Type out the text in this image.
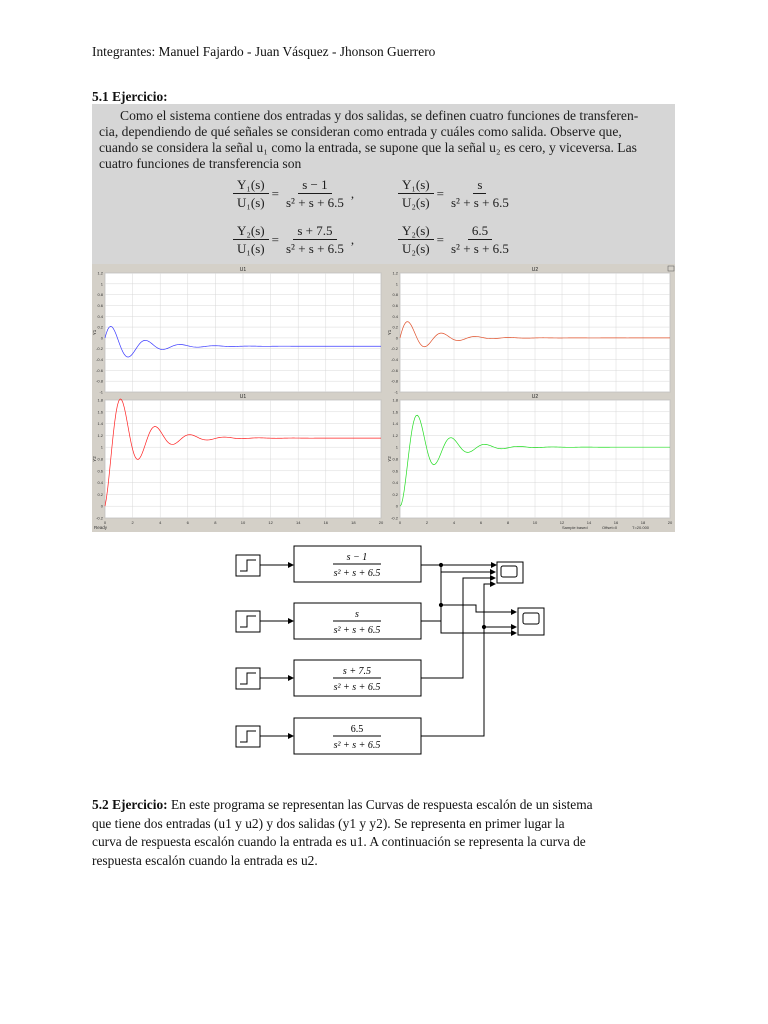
Integrantes: Manuel Fajardo - Juan Vásquez - Jhonson Guerrero
5.1 Ejercicio:
Como el sistema contiene dos entradas y dos salidas, se definen cuatro funciones de transferen-
cia, dependiendo de qué señales se consideran como entrada y cuáles como salida. Observe que,
cuando se considera la señal u₁ como la entrada, se supone que la señal u₂ es cero, y viceversa. Las
cuatro funciones de transferencia son
$\frac{\text{Y₁(s)}}{\text{U₁(s)}} = \frac{s - 1}{\text{s² + s + 6.5}}$ ,	$\frac{\text{Y₁(s)}}{\text{U₂(s)}} = \frac{s}{\text{s² + s + 6.5}}$
$\frac{\text{Y₂(s)}}{\text{U₁(s)}} = \frac{s + 7.5}{\text{s² + s + 6.5}}$ ,	$\frac{\text{Y₂(s)}}{\text{U₂(s)}} = \frac{6.5}{\text{s² + s + 6.5}}$
1.2
1
0.8
0.6
0.4
0.2
0
-0.2
-0.4
-0.6
-0.8
-1
U1
Y1
1.2
1
0.8
0.6
0.4
0.2
0
-0.2
-0.4
-0.6
-0.8
-1
U2
Y1
1.8
1.6
1.4
1.2
1
0.8
0.6
0.4
0.2
0
-0.2
0	2	4	6	8	10	12	14	16	18	20
U1
Y2
1.8
1.6
1.4
1.2
1
0.8
0.6
0.4
0.2
0
-0.2
0	2	4	6	8	10	12	14	16	18	20
U2
Y2
Ready	Sample based	Offset=0	T=20.000
s − 1
s² + s + 6.5
s
s² + s + 6.5
s + 7.5
s² + s + 6.5
6.5
s² + s + 6.5
5.2 Ejercicio: En este programa se representan las Curvas de respuesta escalón de un sistema
que tiene dos entradas (u1 y u2) y dos salidas (y1 y y2). Se representa en primer lugar la
curva de respuesta escalón cuando la entrada es u1. A continuación se representa la curva de
respuesta escalón cuando la entrada es u2.
